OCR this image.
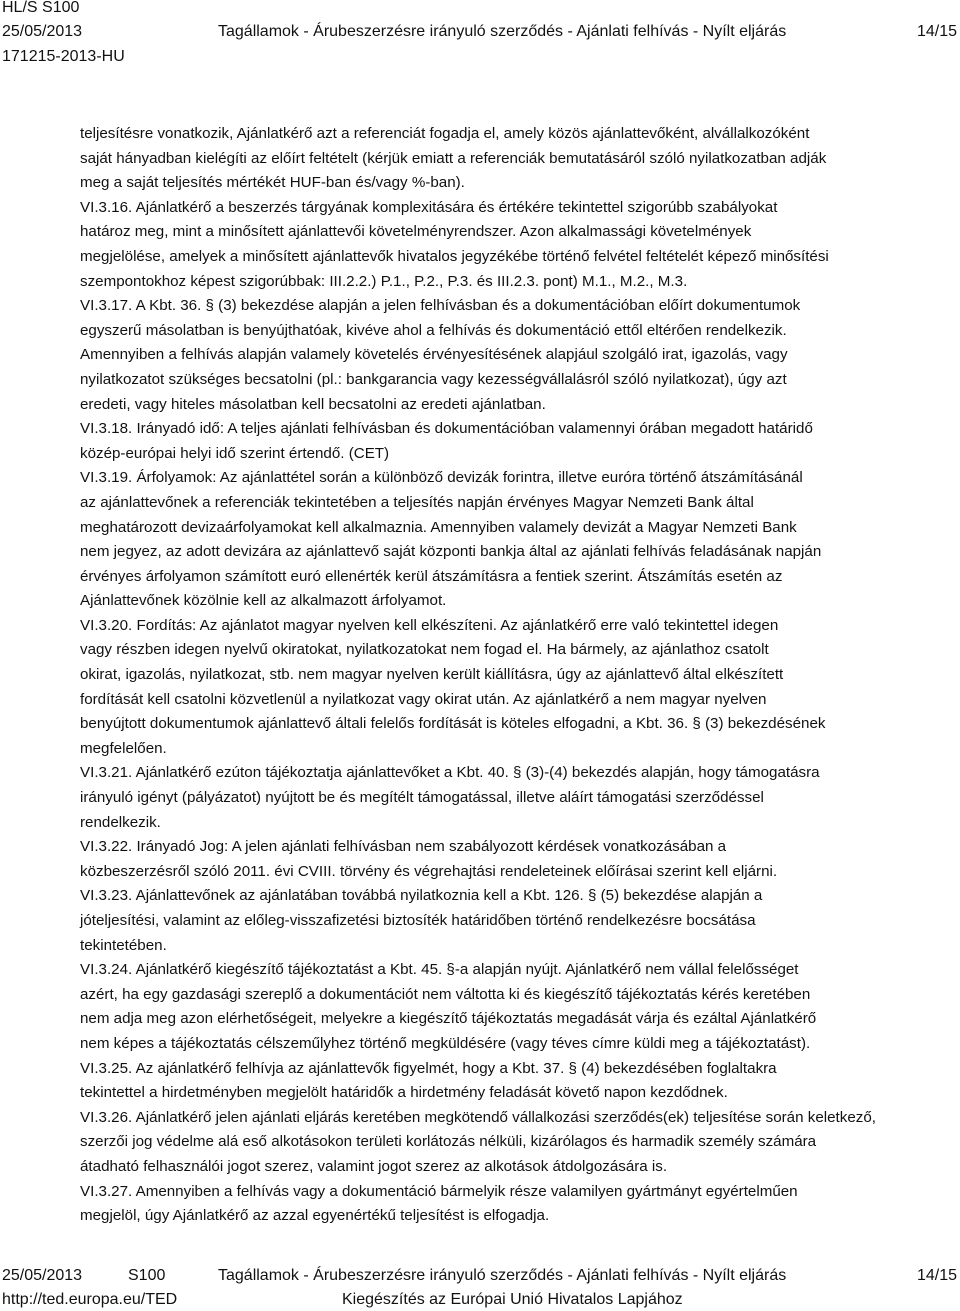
HL/S S100
25/05/2013	Tagállamok - Árubeszerzésre irányuló szerződés - Ajánlati felhívás - Nyílt eljárás	14/15
171215-2013-HU
teljesítésre vonatkozik, Ajánlatkérő azt a referenciát fogadja el, amely közös ajánlattevőként, alvállalkozóként
saját hányadban kielégíti az előírt feltételt (kérjük emiatt a referenciák bemutatásáról szóló nyilatkozatban adják
meg a saját teljesítés mértékét HUF-ban és/vagy %-ban).
VI.3.16. Ajánlatkérő a beszerzés tárgyának komplexitására és értékére tekintettel szigorúbb szabályokat
határoz meg, mint a minősített ajánlattevői követelményrendszer. Azon alkalmassági követelmények
megjelölése, amelyek a minősített ajánlattevők hivatalos jegyzékébe történő felvétel feltételét képező minősítési
szempontokhoz képest szigorúbbak: III.2.2.) P.1., P.2., P.3. és III.2.3. pont) M.1., M.2., M.3.
VI.3.17. A Kbt. 36. § (3) bekezdése alapján a jelen felhívásban és a dokumentációban előírt dokumentumok
egyszerű másolatban is benyújthatóak, kivéve ahol a felhívás és dokumentáció ettől eltérően rendelkezik.
Amennyiben a felhívás alapján valamely követelés érvényesítésének alapjául szolgáló irat, igazolás, vagy
nyilatkozatot szükséges becsatolni (pl.: bankgarancia vagy kezességvállalásról szóló nyilatkozat), úgy azt
eredeti, vagy hiteles másolatban kell becsatolni az eredeti ajánlatban.
VI.3.18. Irányadó idő: A teljes ajánlati felhívásban és dokumentációban valamennyi órában megadott határidő
közép-európai helyi idő szerint értendő. (CET)
VI.3.19. Árfolyamok: Az ajánlattétel során a különböző devizák forintra, illetve euróra történő átszámításánál
az ajánlattevőnek a referenciák tekintetében a teljesítés napján érvényes Magyar Nemzeti Bank által
meghatározott devizaárfolyamokat kell alkalmaznia. Amennyiben valamely devizát a Magyar Nemzeti Bank
nem jegyez, az adott devizára az ajánlattevő saját központi bankja által az ajánlati felhívás feladásának napján
érvényes árfolyamon számított euró ellenérték kerül átszámításra a fentiek szerint. Átszámítás esetén az
Ajánlattevőnek közölnie kell az alkalmazott árfolyamot.
VI.3.20. Fordítás: Az ajánlatot magyar nyelven kell elkészíteni. Az ajánlatkérő erre való tekintettel idegen
vagy részben idegen nyelvű okiratokat, nyilatkozatokat nem fogad el. Ha bármely, az ajánlathoz csatolt
okirat, igazolás, nyilatkozat, stb. nem magyar nyelven került kiállításra, úgy az ajánlattevő által elkészített
fordítását kell csatolni közvetlenül a nyilatkozat vagy okirat után. Az ajánlatkérő a nem magyar nyelven
benyújtott dokumentumok ajánlattevő általi felelős fordítását is köteles elfogadni, a Kbt. 36. § (3) bekezdésének
megfelelően.
VI.3.21. Ajánlatkérő ezúton tájékoztatja ajánlattevőket a Kbt. 40. § (3)-(4) bekezdés alapján, hogy támogatásra
irányuló igényt (pályázatot) nyújtott be és megítélt támogatással, illetve aláírt támogatási szerződéssel
rendelkezik.
VI.3.22. Irányadó Jog: A jelen ajánlati felhívásban nem szabályozott kérdések vonatkozásában a
közbeszerzésről szóló 2011. évi CVIII. törvény és végrehajtási rendeleteinek előírásai szerint kell eljárni.
VI.3.23. Ajánlattevőnek az ajánlatában továbbá nyilatkoznia kell a Kbt. 126. § (5) bekezdése alapján a
jóteljesítési, valamint az előleg-visszafizetési biztosíték határidőben történő rendelkezésre bocsátása
tekintetében.
VI.3.24. Ajánlatkérő kiegészítő tájékoztatást a Kbt. 45. §-a alapján nyújt. Ajánlatkérő nem vállal felelősséget
azért, ha egy gazdasági szereplő a dokumentációt nem váltotta ki és kiegészítő tájékoztatás kérés keretében
nem adja meg azon elérhetőségeit, melyekre a kiegészítő tájékoztatás megadását várja és ezáltal Ajánlatkérő
nem képes a tájékoztatás célszeműlyhez történő megküldésére (vagy téves címre küldi meg a tájékoztatást).
VI.3.25. Az ajánlatkérő felhívja az ajánlattevők figyelmét, hogy a Kbt. 37. § (4) bekezdésében foglaltakra
tekintettel a hirdetményben megjelölt határidők a hirdetmény feladását követő napon kezdődnek.
VI.3.26. Ajánlatkérő jelen ajánlati eljárás keretében megkötendő vállalkozási szerződés(ek) teljesítése során keletkező,
szerzői jog védelme alá eső alkotásokon területi korlátozás nélküli, kizárólagos és harmadik személy számára
átadható felhasználói jogot szerez, valamint jogot szerez az alkotások átdolgozására is.
VI.3.27. Amennyiben a felhívás vagy a dokumentáció bármelyik része valamilyen gyártmányt egyértelműen
megjelöl, úgy Ajánlatkérő az azzal egyenértékű teljesítést is elfogadja.
25/05/2013	S100	Tagállamok - Árubeszerzésre irányuló szerződés - Ajánlati felhívás - Nyílt eljárás	14/15
http://ted.europa.eu/TED	Kiegészítés az Európai Unió Hivatalos Lapjához
